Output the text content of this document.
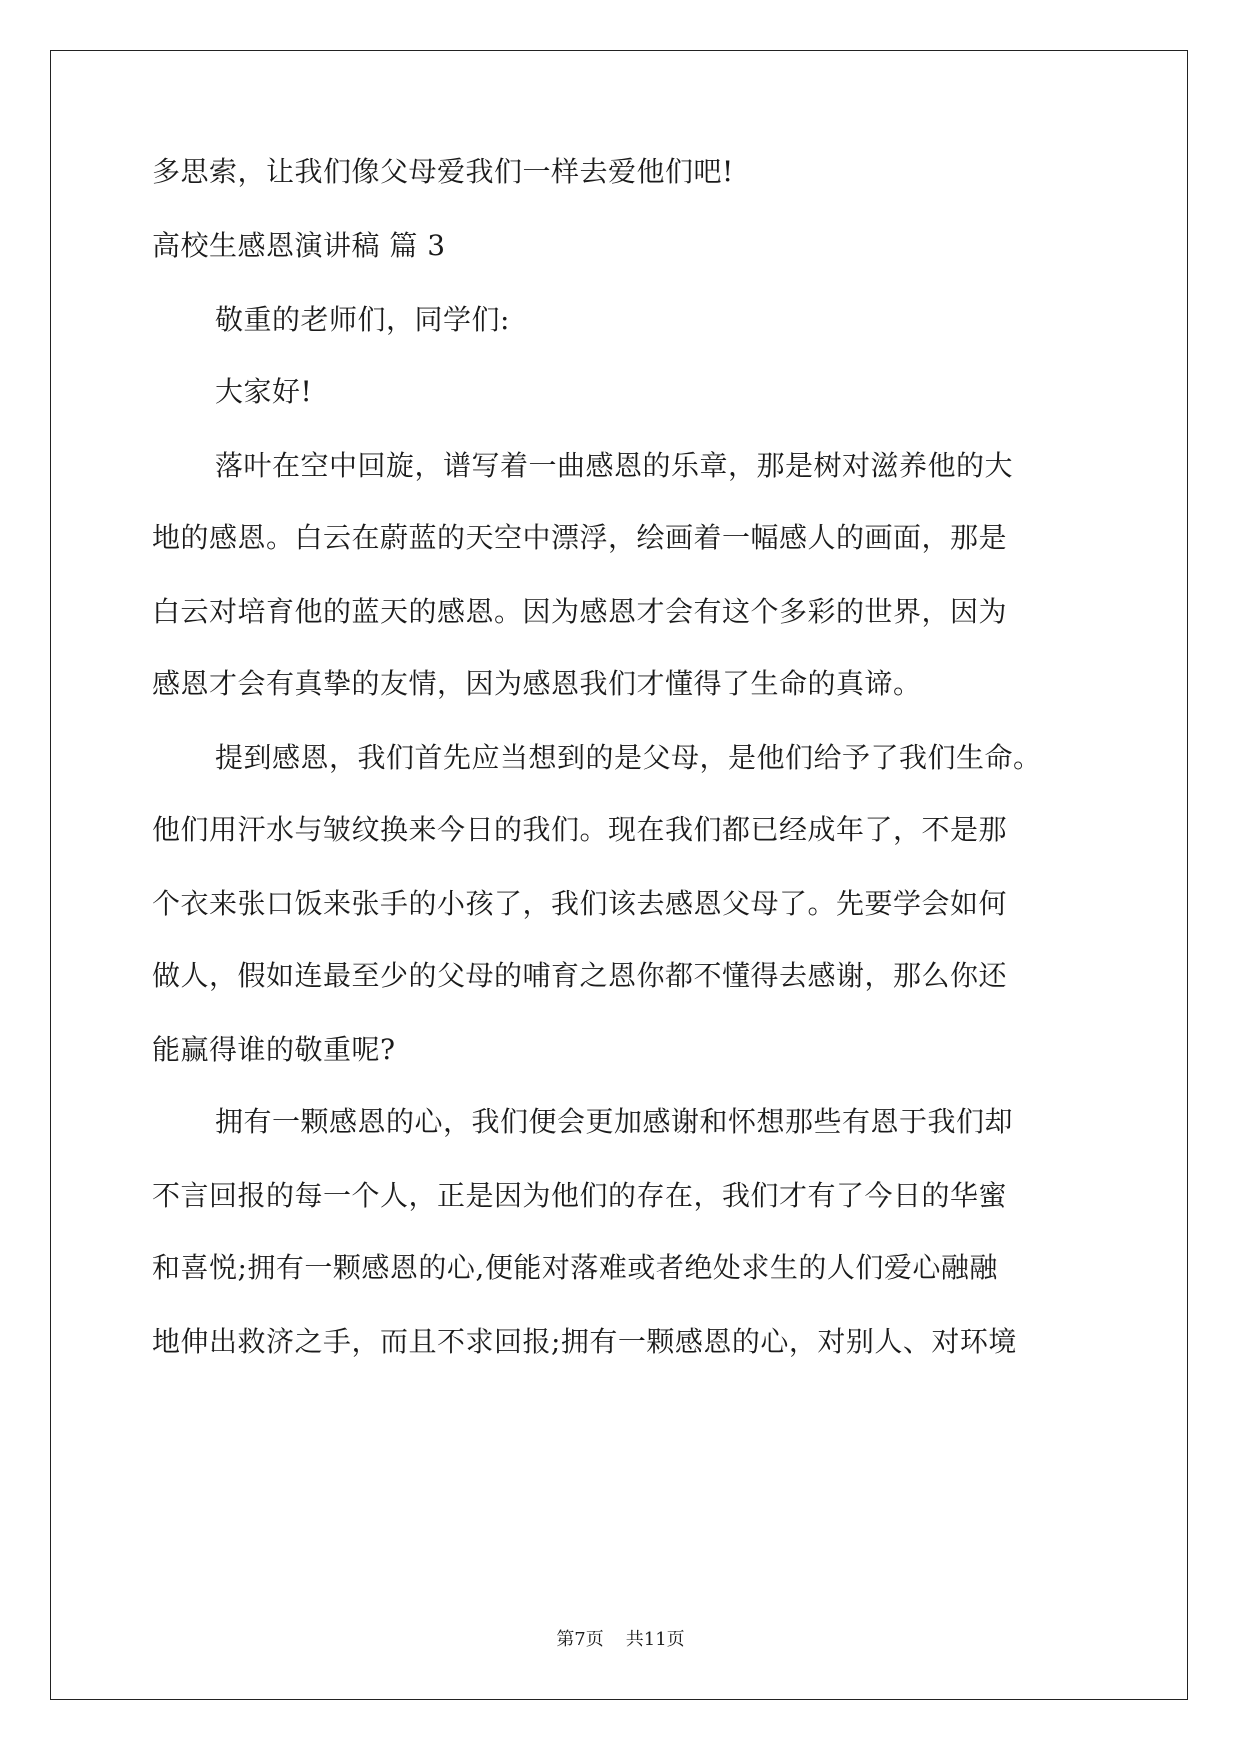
多思索，让我们像父母爱我们一样去爱他们吧!
高校生感恩演讲稿 篇 3
敬重的老师们，同学们:
大家好!
落叶在空中回旋，谱写着一曲感恩的乐章，那是树对滋养他的大
地的感恩。白云在蔚蓝的天空中漂浮，绘画着一幅感人的画面，那是
白云对培育他的蓝天的感恩。因为感恩才会有这个多彩的世界，因为
感恩才会有真挚的友情，因为感恩我们才懂得了生命的真谛。
提到感恩，我们首先应当想到的是父母，是他们给予了我们生命。
他们用汗水与皱纹换来今日的我们。现在我们都已经成年了，不是那
个衣来张口饭来张手的小孩了，我们该去感恩父母了。先要学会如何
做人，假如连最至少的父母的哺育之恩你都不懂得去感谢，那么你还
能赢得谁的敬重呢?
拥有一颗感恩的心，我们便会更加感谢和怀想那些有恩于我们却
不言回报的每一个人，正是因为他们的存在，我们才有了今日的华蜜
和喜悦;拥有一颗感恩的心,便能对落难或者绝处求生的人们爱心融融
地伸出救济之手，而且不求回报;拥有一颗感恩的心，对别人、对环境
第7页 共11页
